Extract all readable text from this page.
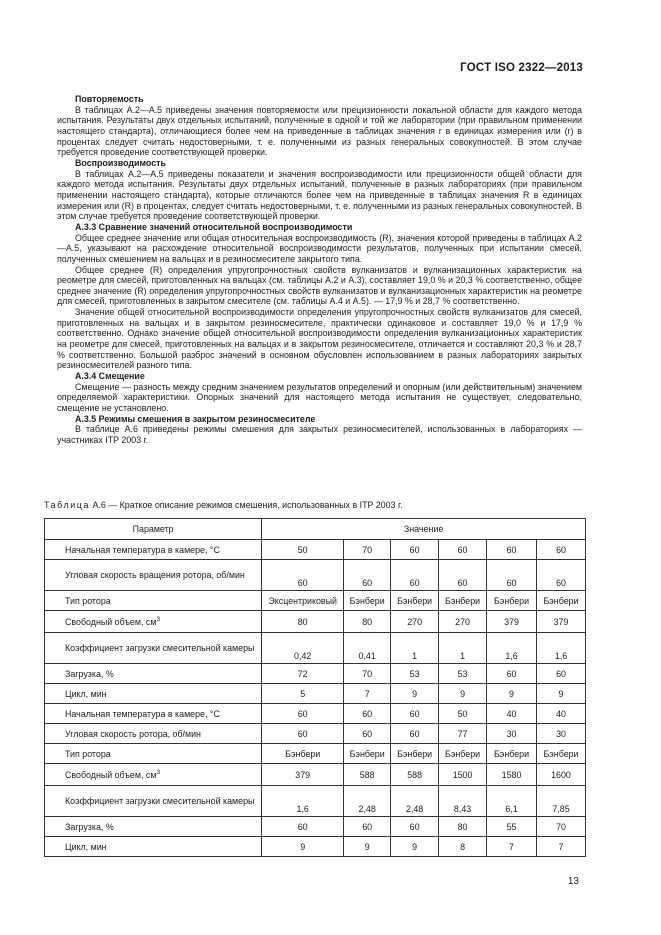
ГОСТ ISO 2322—2013

Повторяемость

В таблицах А.2—А.5 приведены значения повторяемости или прецизионности локальной области для каждого метода испытания. Результаты двух отдельных испытаний, полученные в одной и той же лаборатории (при правильном применении настоящего стандарта), отличающиеся более чем на приведенные в таблицах значения r в единицах измерения или (r) в процентах следует считать недостоверными, т. е. полученными из разных генеральных совокупностей. В этом случае требуется проведение соответствующей проверки.

Воспроизводимость

В таблицах А.2—А.5 приведены показатели и значения воспроизводимости или прецизионности общей области для каждого метода испытания. Результаты двух отдельных испытаний, полученные в разных лабораториях (при правильном применении настоящего стандарта), которые отличаются более чем на приведенные в таблицах значения R в единицах измерения или (R) в процентах, следует считать недостоверными, т. е. полученными из разных генеральных совокупностей. В этом случае требуется проведение соответствующей проверки.

А.3.3 Сравнение значений относительной воспроизводимости

Общее среднее значение или общая относительная воспроизводимость (R), значения которой приведены в таблицах А.2—А.5, указывают на расхождение относительной воспроизводимости результатов, полученных при испытании смесей, полученных смешением на вальцах и в резиносмесителе закрытого типа.

Общее среднее (R) определения упругопрочностных свойств вулканизатов и вулканизационных характеристик на реометре для смесей, приготовленных на вальцах (см. таблицы А.2 и А.3), составляет 19,0 % и 20,3 % соответственно, общее среднее значение (R) определения упругопрочностных свойств вулканизатов и вулканизационных характеристик на реометре для смесей, приготовленных в закрытом смесителе (см. таблицы А.4 и А.5). — 17,9 % и 28,7 % соответственно.

Значение общей относительной воспроизводимости определения упругопрочностных свойств вулканизатов для смесей, приготовленных на вальцах и в закрытом резиносмесителе, практически одинаковое и составляет 19,0 % и 17,9 % соответственно. Однако значение общей относительной воспроизводимости определения вулканизационных характеристик на реометре для смесей, приготовленных на вальцах и в закрытом резиносмесителе, отличается и составляют 20,3 % и 28,7 % соответственно. Большой разброс значений в основном обусловлен использованием в разных лабораториях закрытых резиносмесителей разного типа.

А.3.4 Смещение

Смещение — разность между средним значением результатов определений и опорным (или действительным) значением определяемой характеристики. Опорных значений для настоящего метода испытания не существует, следовательно, смещение не установлено.

А.3.5 Режимы смешения в закрытом резиносмесителе

В таблице А.6 приведены режимы смешения для закрытых резиносмесителей, использованных в лабораториях — участниках ITP 2003 г.

Таблица А.6 — Краткое описание режимов смешения, использованных в ITP 2003 г.
Параметр	Значение					
Начальная температура в камере, °С	50	70	60	60	60	60
Угловая скорость вращения ротора, об/мин	60	60	60	60	60	60
Тип ротора	Эксцентриковый	Бэнбери	Бэнбери	Бэнбери	Бэнбери	Бэнбери
Свободный объем, $см^3$	80	80	270	270	379	379
Коэффициент загрузки смесительной камеры	0,42	0,41	1	1	1,6	1,6
Загрузка, %	72	70	53	53	60	60
Цикл, мин	5	7	9	9	9	9
Начальная температура в камере, °С	60	60	60	50	40	40
Угловая скорость ротора, об/мин	60	60	60	77	30	30
Тип ротора	Бэнбери	Бэнбери	Бэнбери	Бэнбери	Бэнбери	Бэнбери
Свободный объем, $см^3$	379	588	588	1500	1580	1600
Коэффициент загрузки смесительной камеры	1,6	2,48	2,48	8,43	6,1	7,85
Загрузка, %	60	60	60	80	55	70
Цикл, мин	9	9	9	8	7	7
13
